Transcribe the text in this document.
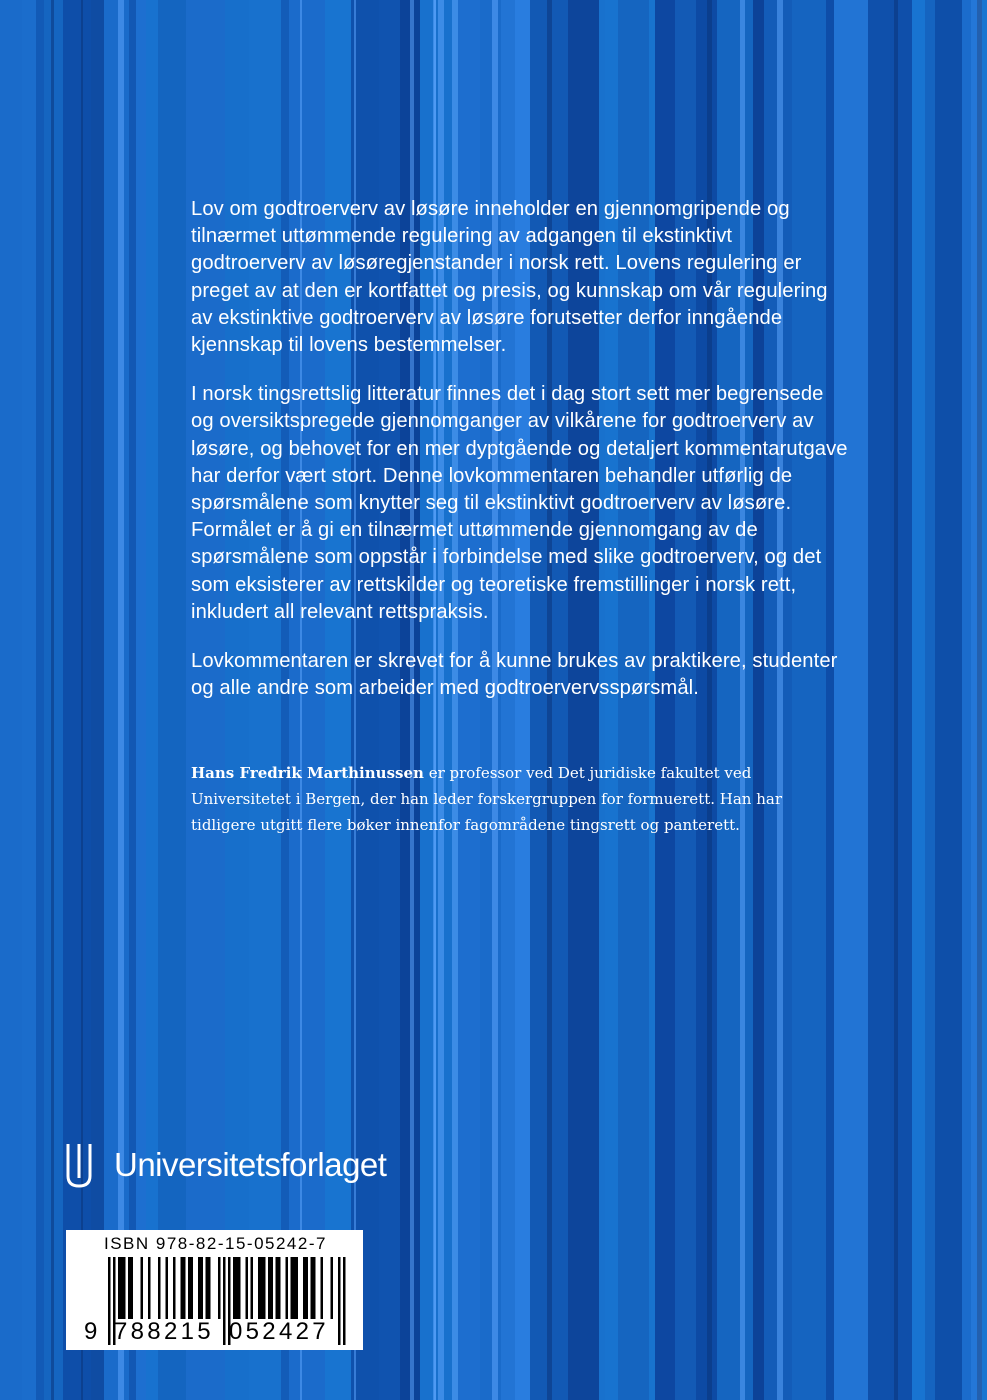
Lov om godtroerverv av løsøre inneholder en gjennomgripende og tilnærmet uttømmende regulering av adgangen til ekstinktivt godtroerverv av løsøregjenstander i norsk rett. Lovens regulering er preget av at den er kortfattet og presis, og kunnskap om vår regulering av ekstinktive godtroerverv av løsøre forutsetter derfor inngående kjennskap til lovens bestemmelser.

I norsk tingsrettslig litteratur finnes det i dag stort sett mer begrensede og oversiktspregede gjennomganger av vilkårene for godtroerverv av løsøre, og behovet for en mer dyptgående og detaljert kommentarutgave har derfor vært stort. Denne lovkommentaren behandler utførlig de spørsmålene som knytter seg til ekstinktivt godtroerverv av løsøre. Formålet er å gi en tilnærmet uttømmende gjennomgang av de spørsmålene som oppstår i forbindelse med slike godtroerverv, og det som eksisterer av rettskilder og teoretiske fremstillinger i norsk rett, inkludert all relevant rettspraksis.

Lovkommentaren er skrevet for å kunne brukes av praktikere, studenter og alle andre som arbeider med godtroervervsspørsmål.

Hans Fredrik Marthinussen er professor ved Det juridiske fakultet ved Universitetet i Bergen, der han leder forskergruppen for formuerett. Han har tidligere utgitt flere bøker innenfor fagområdene tingsrett og panterett.
Universitetsforlaget
ISBN 978-82-15-05242-7
9 788215 052427
